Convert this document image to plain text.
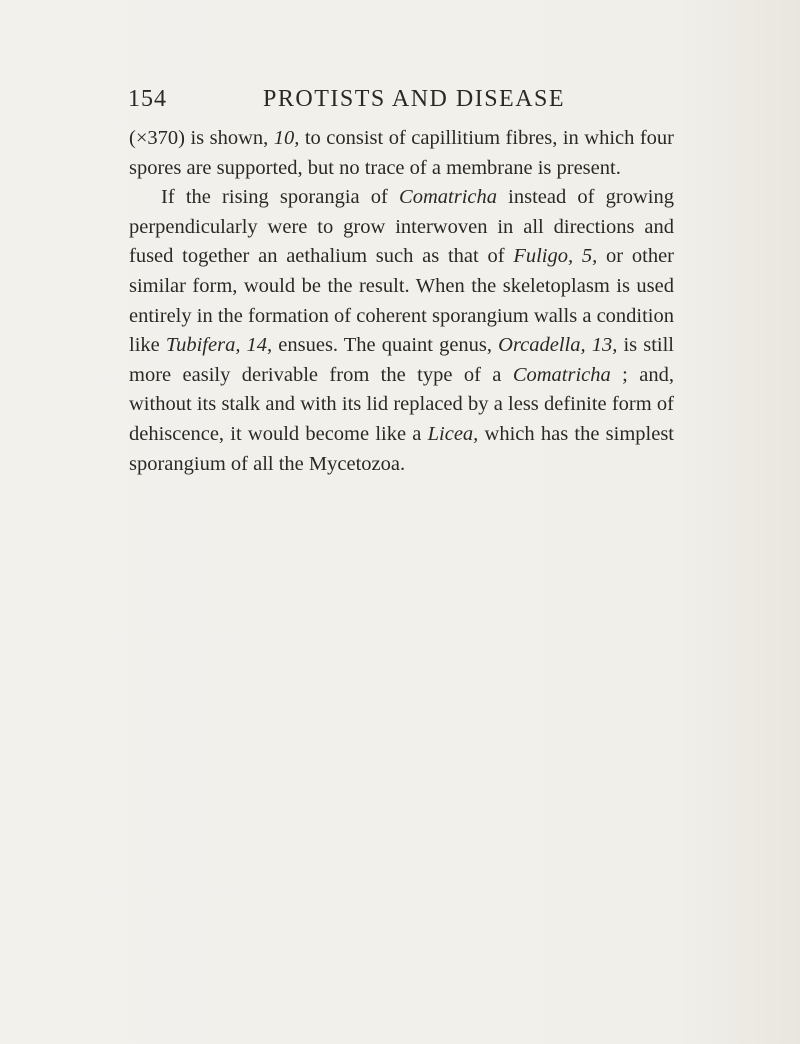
154	PROTISTS AND DISEASE

(×370) is shown, 10, to consist of capillitium fibres, in which four spores are supported, but no trace of a membrane is present.

If the rising sporangia of Comatricha instead of growing perpendicularly were to grow interwoven in all directions and fused together an aethalium such as that of Fuligo, 5, or other similar form, would be the result. When the skeletoplasm is used entirely in the formation of coherent sporangium walls a condition like Tubifera, 14, ensues. The quaint genus, Orcadella, 13, is still more easily derivable from the type of a Comatricha ; and, without its stalk and with its lid replaced by a less definite form of dehiscence, it would become like a Licea, which has the simplest sporangium of all the Mycetozoa.
